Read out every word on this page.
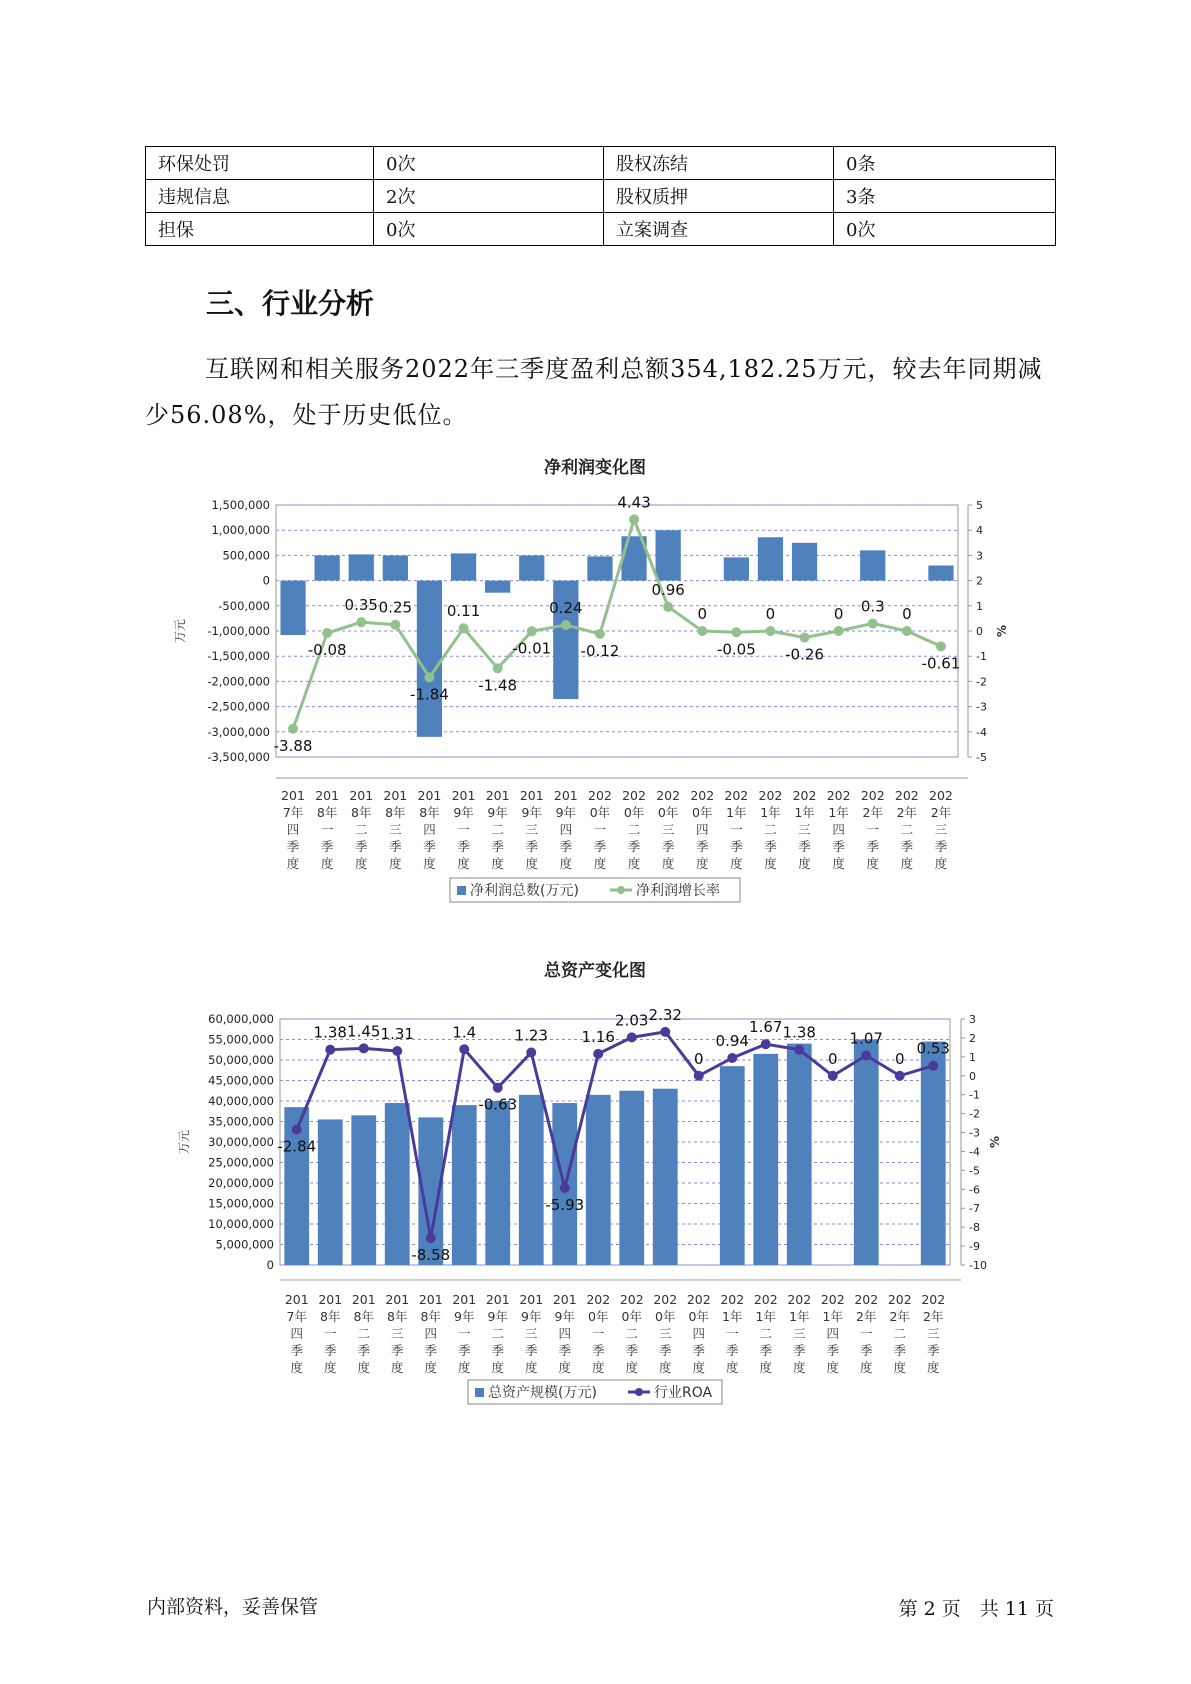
环保处罚	0次	股权冻结	0条
违规信息	2次	股权质押	3条
担保	0次	立案调查	0次
三、行业分析

互联网和相关服务2022年三季度盈利总额354,182.25万元，较去年同期减少56.08%，处于历史低位。

净利润变化图
1,500,000
1,000,000
500,000
0
-500,000
-1,000,000
-1,500,000
-2,000,000
-2,500,000
-3,000,000
-3,500,000
5
4
3
2
1
0
-1
-2
-3
-4
-5
万元	%
-3.88
-0.08
0.35 0.25
-1.84
0.11
-1.48
-0.01
0.24
-0.12
4.43
0.96
0
-0.05
0
-0.26
0 0.3 0
-0.61
201 7年四季度
201 8年一季度
201 8年二季度
201 8年三季度
201 8年四季度
201 9年一季度
201 9年二季度
201 9年三季度
201 9年四季度
202 0年一季度
202 0年二季度
202 0年三季度
202 0年四季度
202 1年一季度
202 1年二季度
202 1年三季度
202 1年四季度
202 2年一季度
202 2年二季度
202 2年三季度
净利润总数(万元)	净利润增长率
总资产变化图
60,000,000
55,000,000
50,000,000
45,000,000
40,000,000
35,000,000
30,000,000
25,000,000
20,000,000
15,000,000
10,000,000
5,000,000
0
3
2
1
0
-1
-2
-3
-4
-5
-6
-7
-8
-9
-10
万元	%
-2.84
1.38 1.45 1.31
-8.58
1.4
-0.63
1.23
-5.93
1.16
2.03 2.32
0
0.94
1.67 1.38
0
1.07
0
0.53
201 7年四季度
201 8年一季度
201 8年二季度
201 8年三季度
201 8年四季度
201 9年一季度
201 9年二季度
201 9年三季度
201 9年四季度
202 0年一季度
202 0年二季度
202 0年三季度
202 0年四季度
202 1年一季度
202 1年二季度
202 1年三季度
202 1年四季度
202 2年一季度
202 2年二季度
202 2年三季度
总资产规模(万元)	行业ROA
内部资料，妥善保管	第 2 页　共 11 页
